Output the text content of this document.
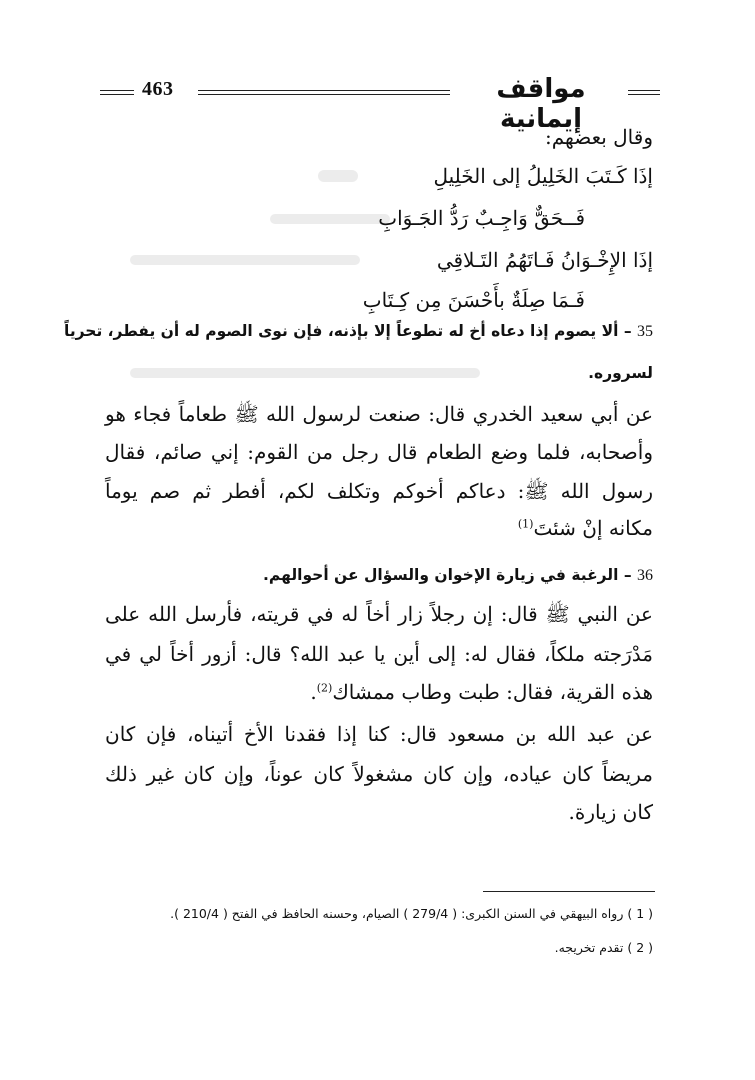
463	مواقف إيمانية
وقال بعضهم:
إذَا كَـتَبَ الخَلِيلُ إلى الخَلِيلِ
فَــحَقٌّ وَاجِـبٌ رَدُّ الجَـوَابِ
إذَا الإِخْـوَانُ فَـاتَهُمُ التَـلاقِي
فَـمَا صِلَةٌ بأَحْسَنَ مِن كِـتَابِ
35 – ألا يصوم إذا دعاه أخ له تطوعاً إلا بإذنه، فإن نوى الصوم له أن يفطر، تحرياً
لسروره.
عن أبي سعيد الخدري قال: صنعت لرسول الله ﷺ طعاماً فجاء هو
وأصحابه، فلما وضع الطعام قال رجل من القوم: إني صائم، فقال
رسول الله ﷺ: دعاكم أخوكم وتكلف لكم، أفطر ثم صم يوماً
مكانه إنْ شئتَ$^{(1)}$
36 – الرغبة في زيارة الإخوان والسؤال عن أحوالهم.
عن النبي ﷺ قال: إن رجلاً زار أخاً له في قريته، فأرسل الله على
مَدْرَجته ملكاً، فقال له: إلى أين يا عبد الله؟ قال: أزور أخاً لي في
هذه القرية، فقال: طبت وطاب ممشاك$^{(2)}$.
عن عبد الله بن مسعود قال: كنا إذا فقدنا الأخ أتيناه، فإن كان
مريضاً كان عياده، وإن كان مشغولاً كان عوناً، وإن كان غير ذلك
كان زيارة.
( 1 ) رواه البيهقي في السنن الكبرى: ( 279/4 ) الصيام، وحسنه الحافظ في الفتح ( 210/4 ).
( 2 ) تقدم تخريجه.
